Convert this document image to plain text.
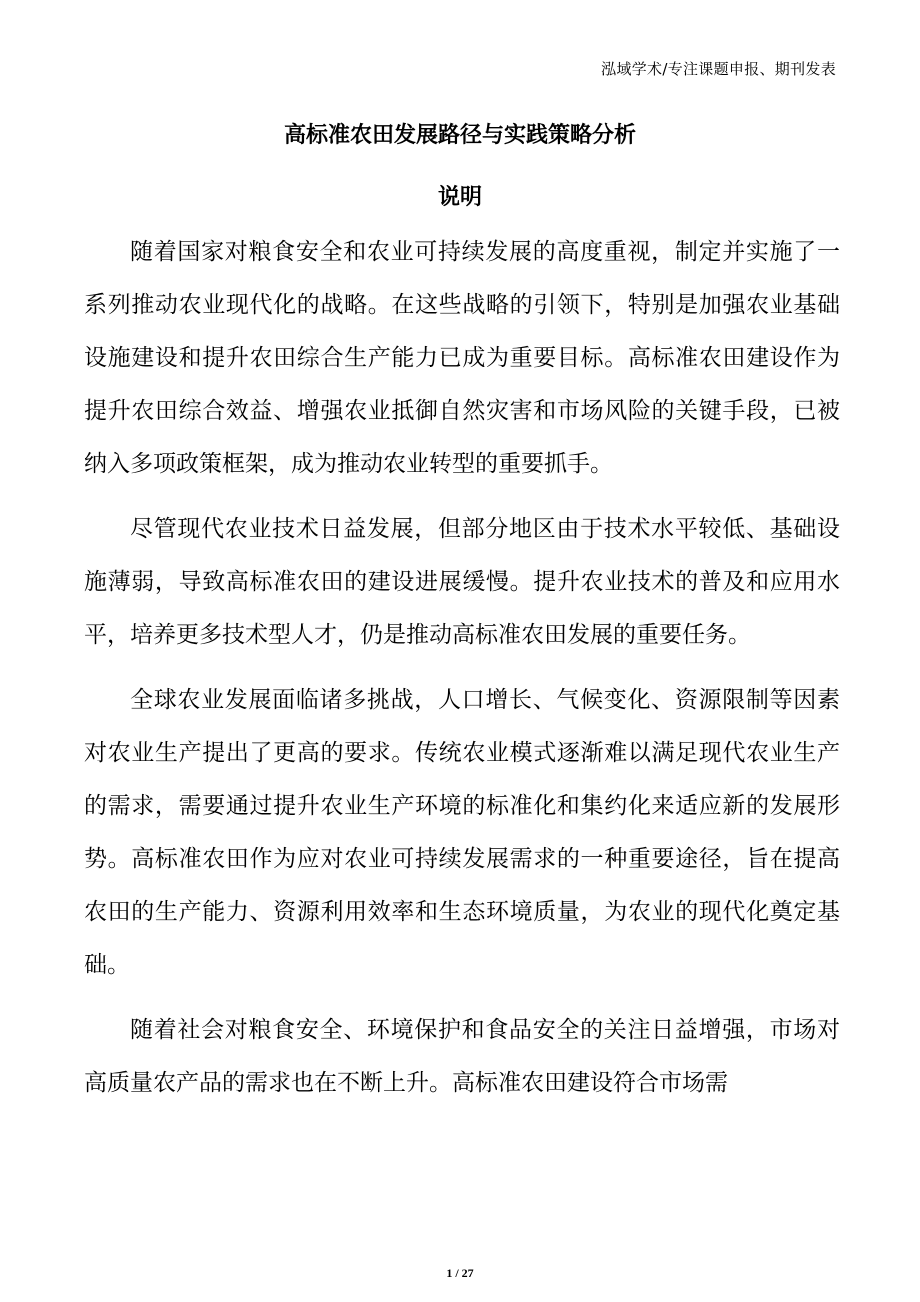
泓域学术/专注课题申报、期刊发表
高标准农田发展路径与实践策略分析
说明

随着国家对粮食安全和农业可持续发展的高度重视，制定并实施了一系列推动农业现代化的战略。在这些战略的引领下，特别是加强农业基础设施建设和提升农田综合生产能力已成为重要目标。高标准农田建设作为提升农田综合效益、增强农业抵御自然灾害和市场风险的关键手段，已被纳入多项政策框架，成为推动农业转型的重要抓手。

尽管现代农业技术日益发展，但部分地区由于技术水平较低、基础设施薄弱，导致高标准农田的建设进展缓慢。提升农业技术的普及和应用水平，培养更多技术型人才，仍是推动高标准农田发展的重要任务。

全球农业发展面临诸多挑战，人口增长、气候变化、资源限制等因素对农业生产提出了更高的要求。传统农业模式逐渐难以满足现代农业生产的需求，需要通过提升农业生产环境的标准化和集约化来适应新的发展形势。高标准农田作为应对农业可持续发展需求的一种重要途径，旨在提高农田的生产能力、资源利用效率和生态环境质量，为农业的现代化奠定基础。

随着社会对粮食安全、环境保护和食品安全的关注日益增强，市场对高质量农产品的需求也在不断上升。高标准农田建设符合市场需

1 / 27
